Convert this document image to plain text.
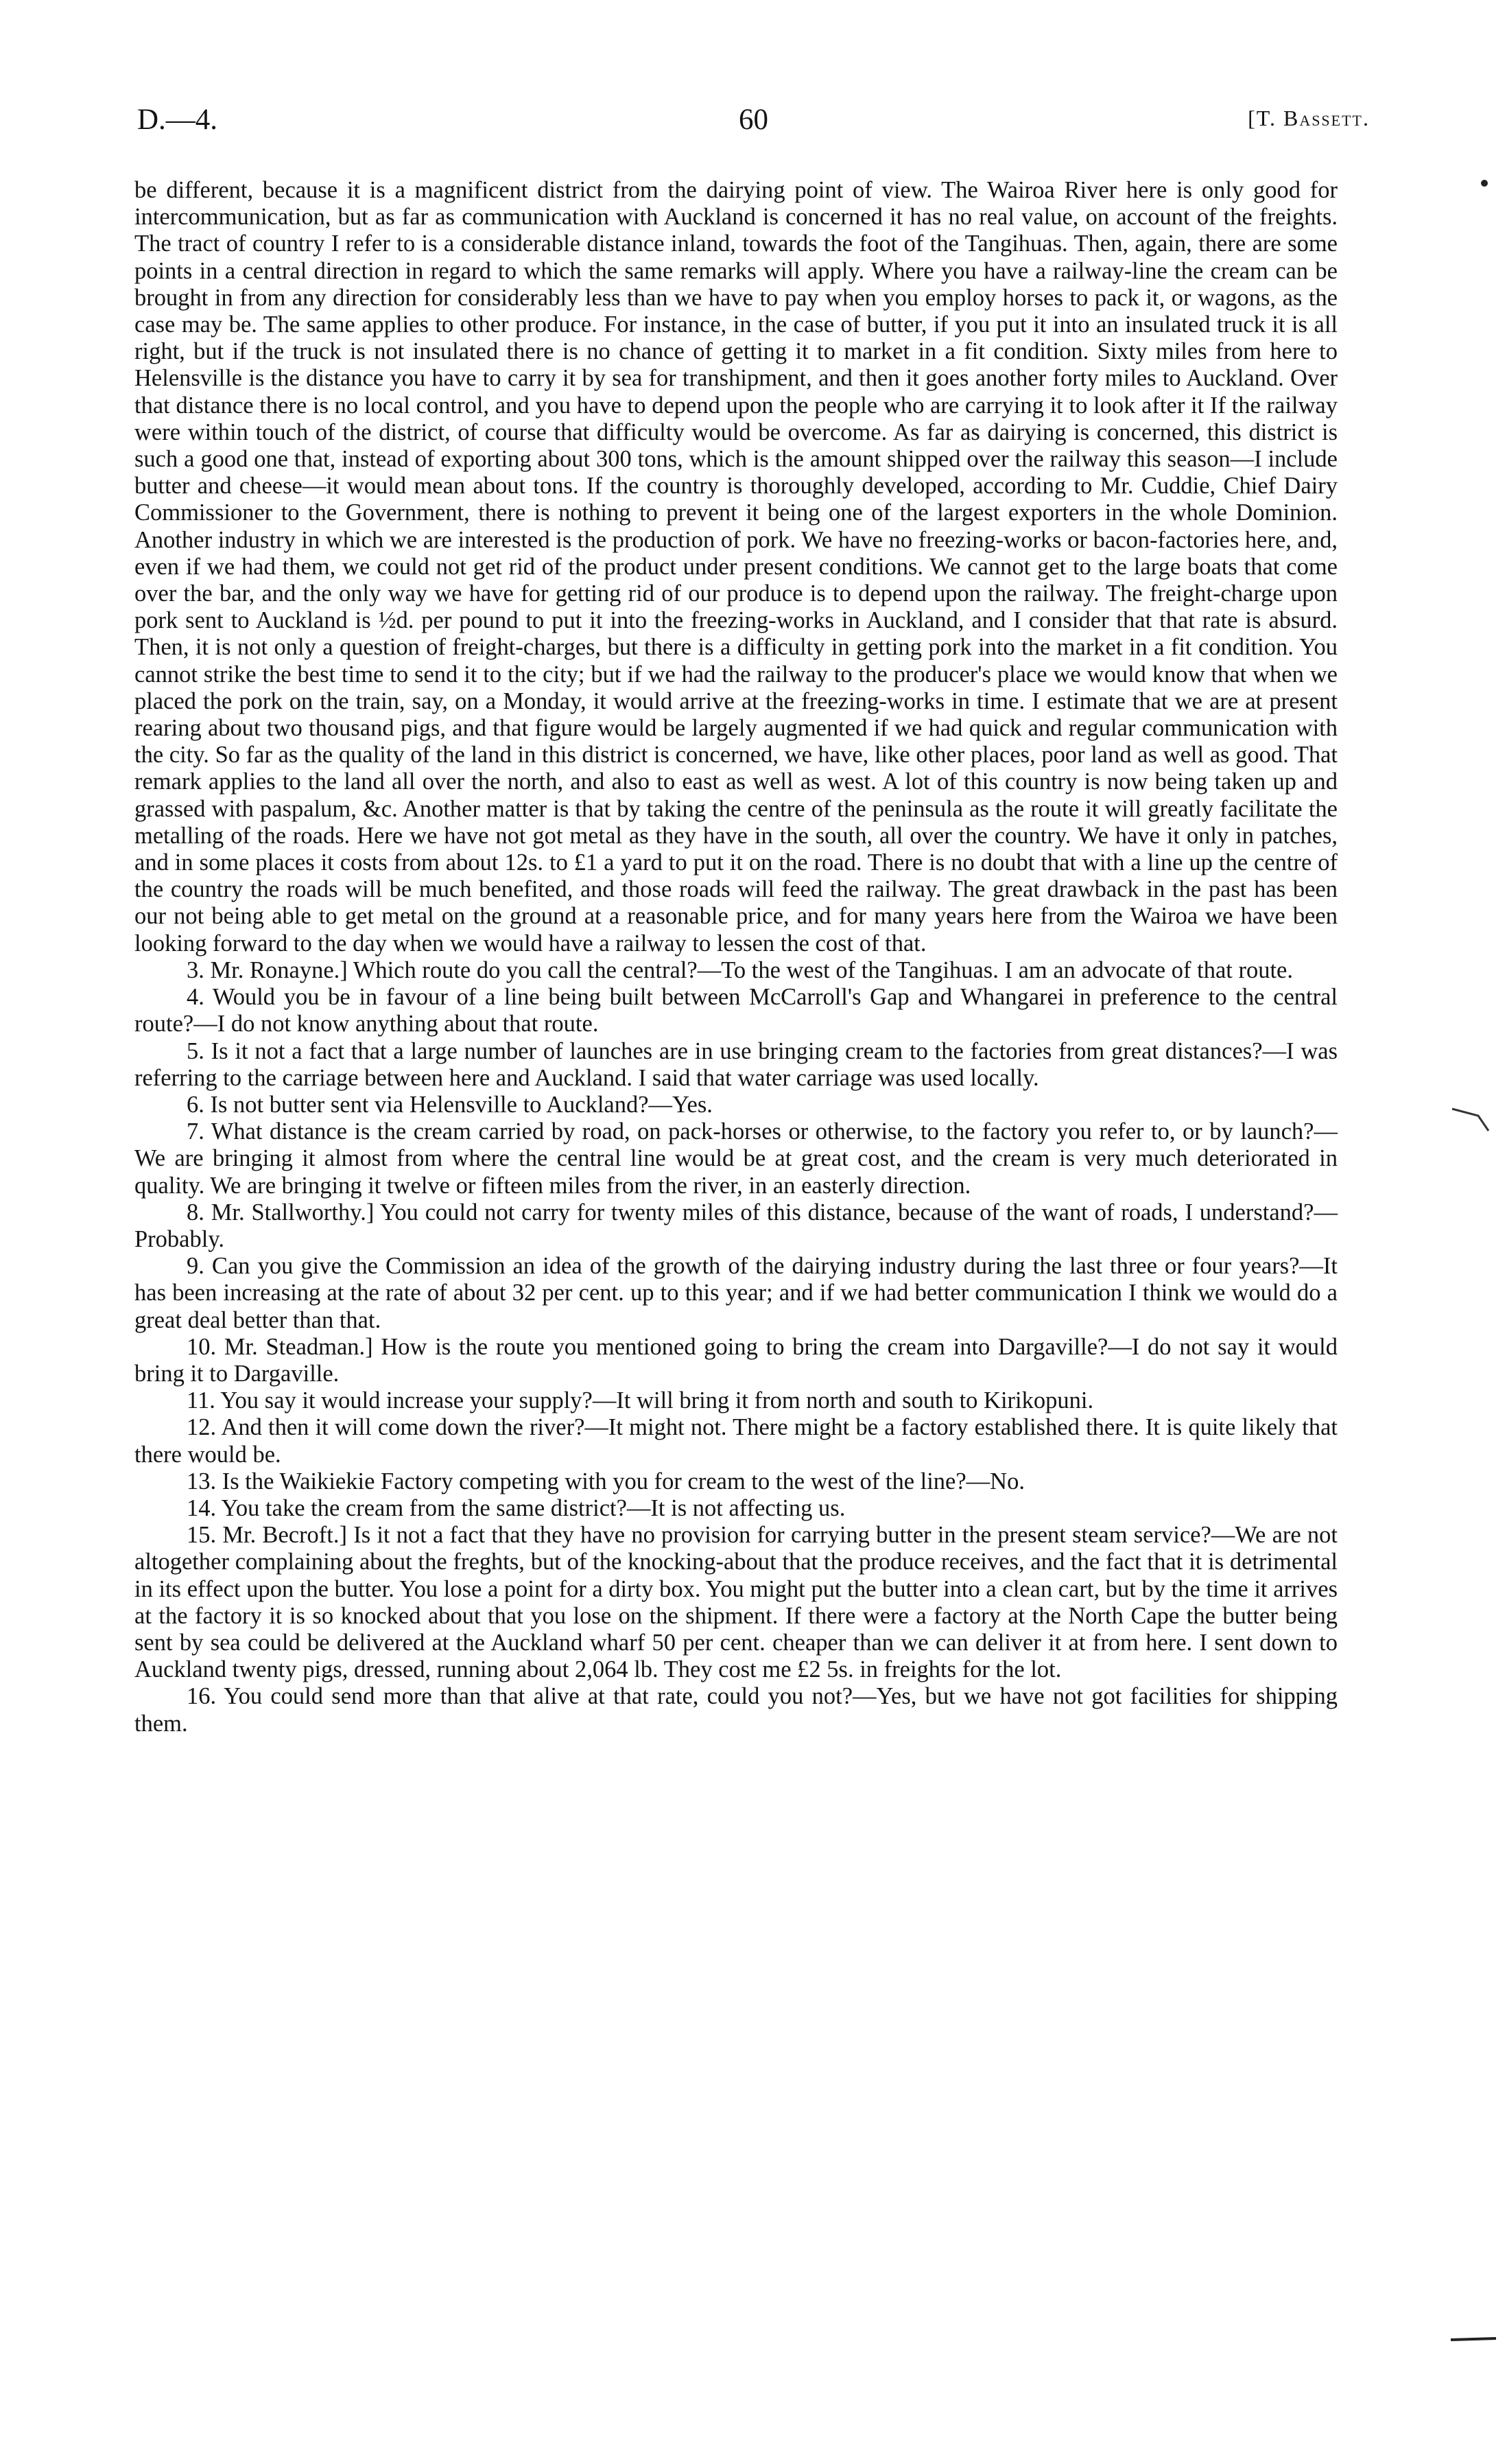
D.—4.	60	[T. Bassett.

be different, because it is a magnificent district from the dairying point of view. The Wairoa River here is only good for intercommunication, but as far as communication with Auckland is concerned it has no real value, on account of the freights. The tract of country I refer to is a considerable distance inland, towards the foot of the Tangihuas. Then, again, there are some points in a central direction in regard to which the same remarks will apply. Where you have a railway-line the cream can be brought in from any direction for considerably less than we have to pay when you employ horses to pack it, or wagons, as the case may be. The same applies to other produce. For instance, in the case of butter, if you put it into an insulated truck it is all right, but if the truck is not insulated there is no chance of getting it to market in a fit condition. Sixty miles from here to Helensville is the distance you have to carry it by sea for transhipment, and then it goes another forty miles to Auckland. Over that distance there is no local control, and you have to depend upon the people who are carrying it to look after it If the railway were within touch of the district, of course that difficulty would be overcome. As far as dairying is concerned, this district is such a good one that, instead of exporting about 300 tons, which is the amount shipped over the railway this season—I include butter and cheese—it would mean about tons. If the country is thoroughly developed, according to Mr. Cuddie, Chief Dairy Commissioner to the Government, there is nothing to prevent it being one of the largest exporters in the whole Dominion. Another industry in which we are interested is the production of pork. We have no freezing-works or bacon-factories here, and, even if we had them, we could not get rid of the product under present conditions. We cannot get to the large boats that come over the bar, and the only way we have for getting rid of our produce is to depend upon the railway. The freight-charge upon pork sent to Auckland is ½d. per pound to put it into the freezing-works in Auckland, and I consider that that rate is absurd. Then, it is not only a question of freight-charges, but there is a difficulty in getting pork into the market in a fit condition. You cannot strike the best time to send it to the city; but if we had the railway to the producer's place we would know that when we placed the pork on the train, say, on a Monday, it would arrive at the freezing-works in time. I estimate that we are at present rearing about two thousand pigs, and that figure would be largely augmented if we had quick and regular communication with the city. So far as the quality of the land in this district is concerned, we have, like other places, poor land as well as good. That remark applies to the land all over the north, and also to east as well as west. A lot of this country is now being taken up and grassed with paspalum, &c. Another matter is that by taking the centre of the peninsula as the route it will greatly facilitate the metalling of the roads. Here we have not got metal as they have in the south, all over the country. We have it only in patches, and in some places it costs from about 12s. to £1 a yard to put it on the road. There is no doubt that with a line up the centre of the country the roads will be much benefited, and those roads will feed the railway. The great drawback in the past has been our not being able to get metal on the ground at a reasonable price, and for many years here from the Wairoa we have been looking forward to the day when we would have a railway to lessen the cost of that.

3. Mr. Ronayne.] Which route do you call the central?—To the west of the Tangihuas. I am an advocate of that route.

4. Would you be in favour of a line being built between McCarroll's Gap and Whangarei in preference to the central route?—I do not know anything about that route.

5. Is it not a fact that a large number of launches are in use bringing cream to the factories from great distances?—I was referring to the carriage between here and Auckland. I said that water carriage was used locally.

6. Is not butter sent via Helensville to Auckland?—Yes.

7. What distance is the cream carried by road, on pack-horses or otherwise, to the factory you refer to, or by launch?—We are bringing it almost from where the central line would be at great cost, and the cream is very much deteriorated in quality. We are bringing it twelve or fifteen miles from the river, in an easterly direction.

8. Mr. Stallworthy.] You could not carry for twenty miles of this distance, because of the want of roads, I understand?—Probably.

9. Can you give the Commission an idea of the growth of the dairying industry during the last three or four years?—It has been increasing at the rate of about 32 per cent. up to this year; and if we had better communication I think we would do a great deal better than that.

10. Mr. Steadman.] How is the route you mentioned going to bring the cream into Dargaville?—I do not say it would bring it to Dargaville.

11. You say it would increase your supply?—It will bring it from north and south to Kirikopuni.

12. And then it will come down the river?—It might not. There might be a factory established there. It is quite likely that there would be.

13. Is the Waikiekie Factory competing with you for cream to the west of the line?—No.

14. You take the cream from the same district?—It is not affecting us.

15. Mr. Becroft.] Is it not a fact that they have no provision for carrying butter in the present steam service?—We are not altogether complaining about the freghts, but of the knocking-about that the produce receives, and the fact that it is detrimental in its effect upon the butter. You lose a point for a dirty box. You might put the butter into a clean cart, but by the time it arrives at the factory it is so knocked about that you lose on the shipment. If there were a factory at the North Cape the butter being sent by sea could be delivered at the Auckland wharf 50 per cent. cheaper than we can deliver it at from here. I sent down to Auckland twenty pigs, dressed, running about 2,064 lb. They cost me £2 5s. in freights for the lot.

16. You could send more than that alive at that rate, could you not?—Yes, but we have not got facilities for shipping them.
